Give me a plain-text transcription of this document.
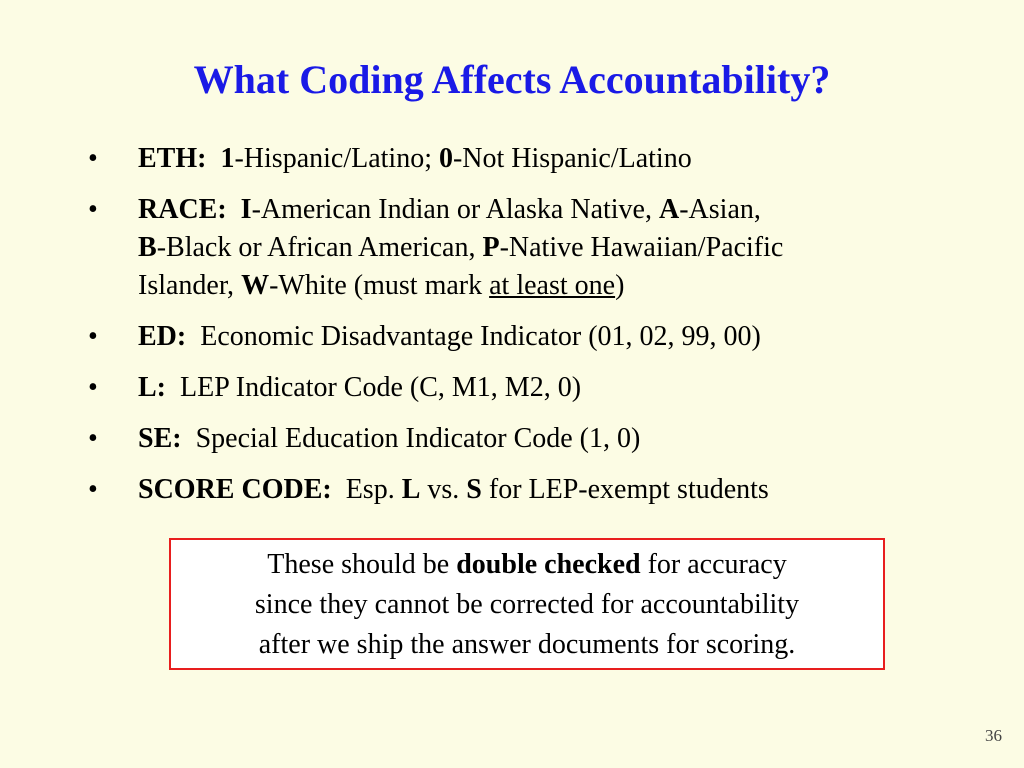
What Coding Affects Accountability?
•	ETH: 1-Hispanic/Latino; 0-Not Hispanic/Latino
•	RACE: I-American Indian or Alaska Native, A-Asian,
B-Black or African American, P-Native Hawaiian/Pacific
Islander, W-White (must mark at least one)
•	ED: Economic Disadvantage Indicator (01, 02, 99, 00)
•	L: LEP Indicator Code (C, M1, M2, 0)
•	SE: Special Education Indicator Code (1, 0)
•	SCORE CODE: Esp. L vs. S for LEP-exempt students
These should be double checked for accuracy
since they cannot be corrected for accountability
after we ship the answer documents for scoring.
36
